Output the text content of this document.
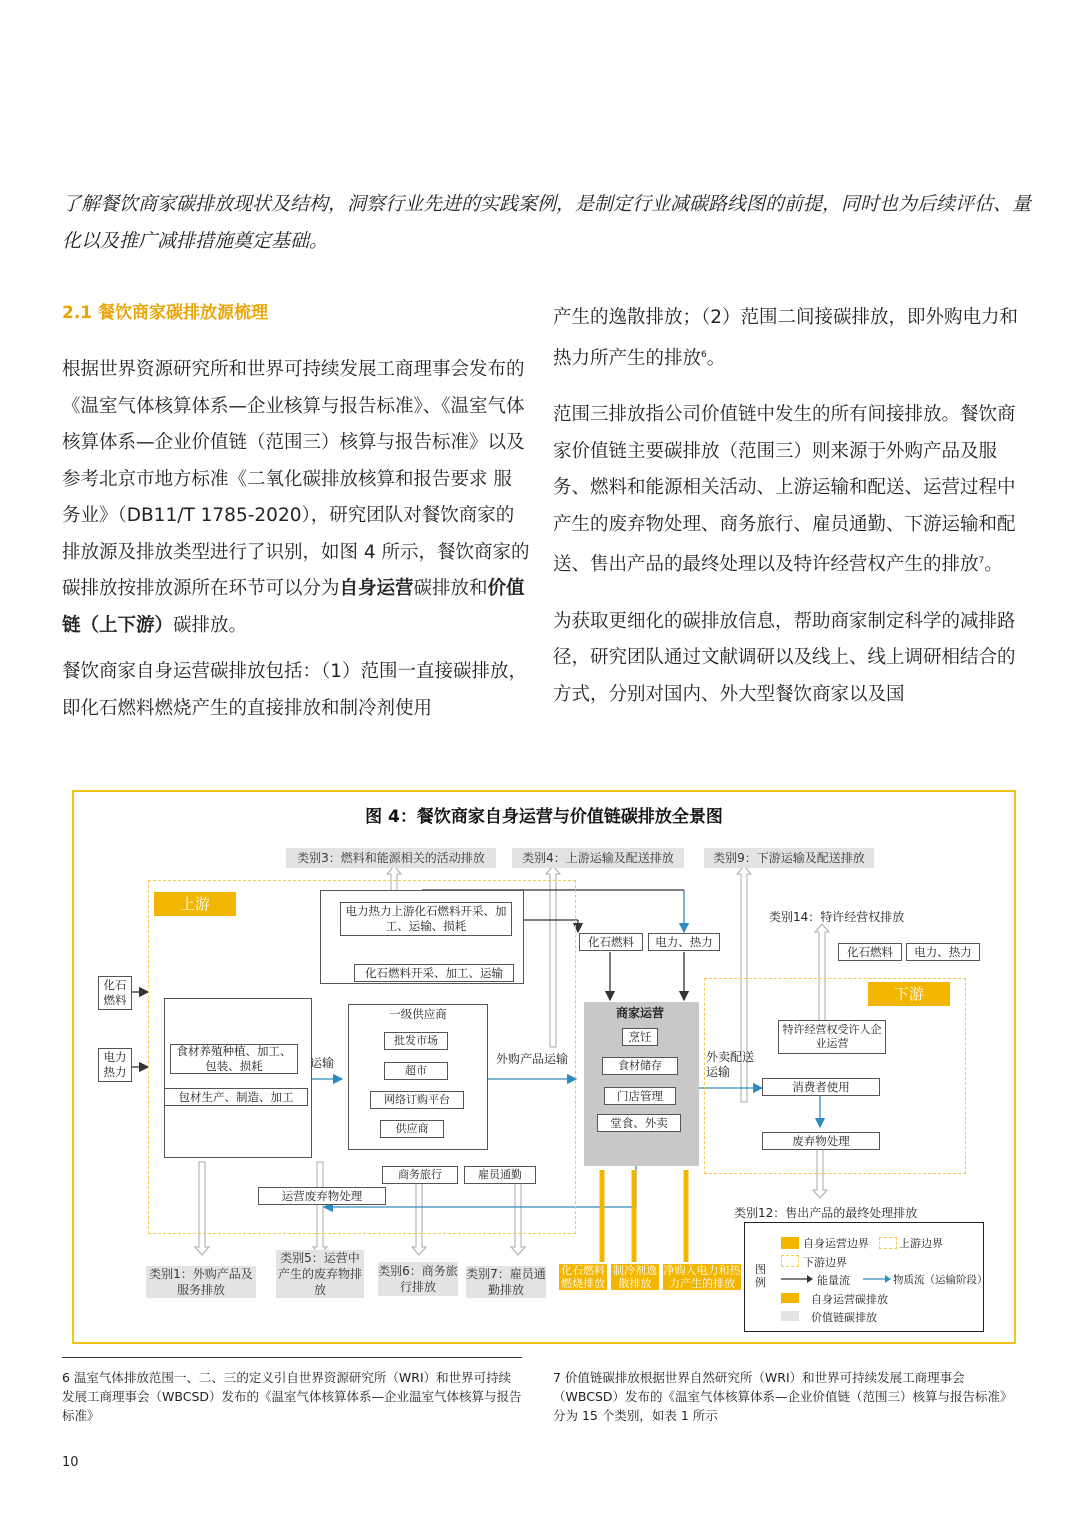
了解餐饮商家碳排放现状及结构，洞察行业先进的实践案例，是制定行业减碳路线图的前提，同时也为后续评估、量化以及推广减排措施奠定基础。
2.1 餐饮商家碳排放源梳理

根据世界资源研究所和世界可持续发展工商理事会发布的《温室气体核算体系—企业核算与报告标准》、《温室气体核算体系—企业价值链（范围三）核算与报告标准》以及参考北京市地方标准《二氧化碳排放核算和报告要求 服务业》（DB11/T 1785-2020），研究团队对餐饮商家的排放源及排放类型进行了识别，如图 4 所示，餐饮商家的碳排放按排放源所在环节可以分为自身运营碳排放和价值链（上下游）碳排放。

餐饮商家自身运营碳排放包括：（1）范围一直接碳排放，即化石燃料燃烧产生的直接排放和制冷剂使用

产生的逸散排放；（2）范围二间接碳排放，即外购电力和热力所产生的排放$^6$。

范围三排放指公司价值链中发生的所有间接排放。餐饮商家价值链主要碳排放（范围三）则来源于外购产品及服务、燃料和能源相关活动、上游运输和配送、运营过程中产生的废弃物处理、商务旅行、雇员通勤、下游运输和配送、售出产品的最终处理以及特许经营权产生的排放$^7$。

为获取更细化的碳排放信息，帮助商家制定科学的减排路径，研究团队通过文献调研以及线上、线上调研相结合的方式，分别对国内、外大型餐饮商家以及国

图 4：餐饮商家自身运营与价值链碳排放全景图
类别3：燃料和能源相关的活动排放	类别4：上游运输及配送排放	类别9：下游运输及配送排放
类别14：特许经营权排放
上游
下游
电力热力上游化石燃料开采、加工、运输、损耗
化石燃料开采、加工、运输
化石燃料	电力、热力
化石燃料	电力、热力
化石燃料
电力热力
食材养殖种植、加工、包装、损耗
包材生产、制造、加工
运输
一级供应商
批发市场
超市
网络订购平台
供应商
外购产品运输
商家运营
烹饪
食材储存
门店管理
堂食、外卖
商务旅行	雇员通勤
运营废弃物处理
外卖配送运输
特许经营权受许人企业运营
消费者使用
废弃物处理
类别12：售出产品的最终处理排放
类别1：外购产品及服务排放
类别5：运营中产生的废弃物排放
类别6：商务旅行排放
类别7：雇员通勤排放
化石燃料燃烧排放
制冷剂逸散排放
净购入电力和热力产生的排放
图例
自身运营边界	上游边界
下游边界
能量流	物质流（运输阶段）
自身运营碳排放
价值链碳排放
6 温室气体排放范围一、二、三的定义引自世界资源研究所（WRI）和世界可持续发展工商理事会（WBCSD）发布的《温室气体核算体系—企业温室气体核算与报告标准》
7 价值链碳排放根据世界自然研究所（WRI）和世界可持续发展工商理事会（WBCSD）发布的《温室气体核算体系—企业价值链（范围三）核算与报告标准》分为 15 个类别，如表 1 所示
10
